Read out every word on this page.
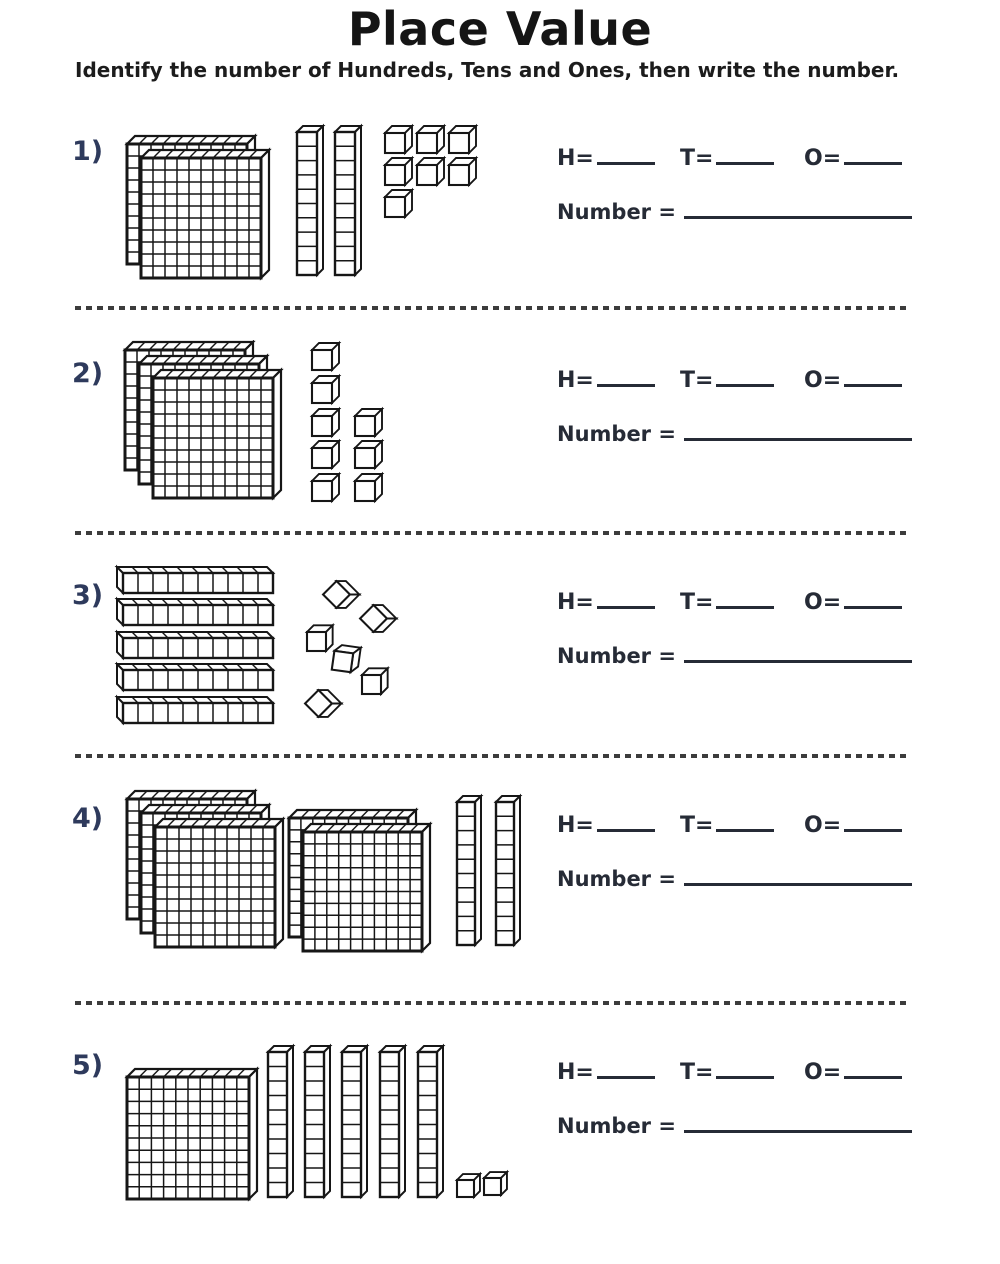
Place Value

Identify the number of Hundreds, Tens and Ones, then write the number.

1)	H=	T=	O=
Number =
2)	H=	T=	O=
Number =
3)	H=	T=	O=
Number =
4)	H=	T=	O=
Number =
5)	H=	T=	O=
Number =
